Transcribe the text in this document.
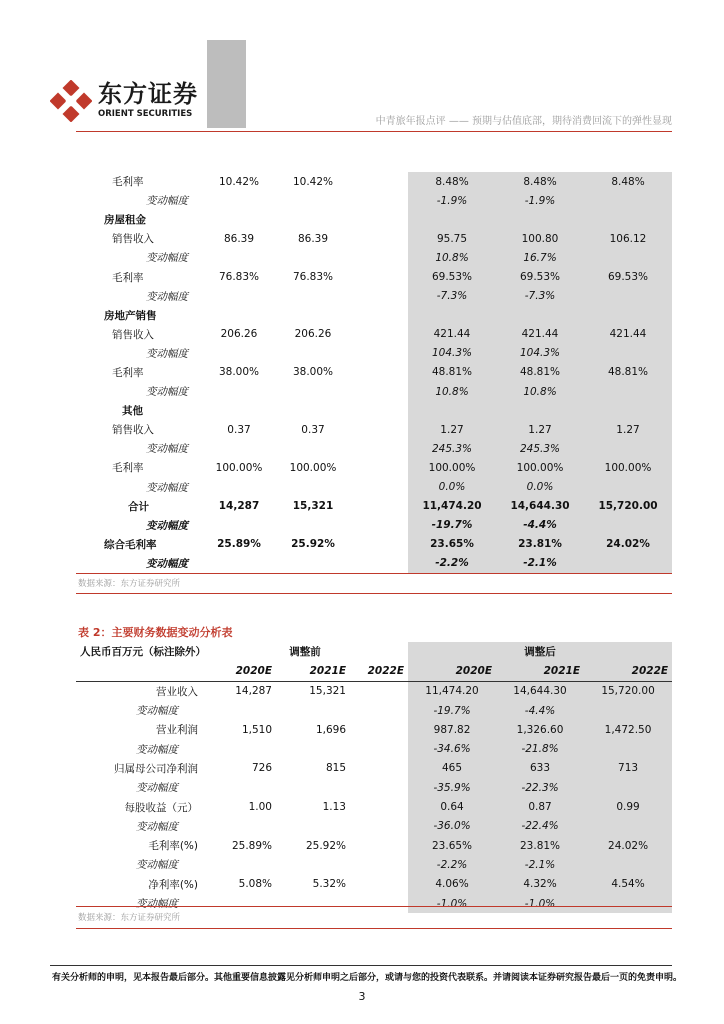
东方证券
ORIENT SECURITIES
中青旅年报点评 —— 预期与估值底部，期待消费回流下的弹性显现
毛利率	10.42%	10.42%		8.48%	8.48%	8.48%
变动幅度				-1.9%	-1.9%	
房屋租金						
销售收入	86.39	86.39		95.75	100.80	106.12
变动幅度				10.8%	16.7%	
毛利率	76.83%	76.83%		69.53%	69.53%	69.53%
变动幅度				-7.3%	-7.3%	
房地产销售						
销售收入	206.26	206.26		421.44	421.44	421.44
变动幅度				104.3%	104.3%	
毛利率	38.00%	38.00%		48.81%	48.81%	48.81%
变动幅度				10.8%	10.8%	
其他						
销售收入	0.37	0.37		1.27	1.27	1.27
变动幅度				245.3%	245.3%	
毛利率	100.00%	100.00%		100.00%	100.00%	100.00%
变动幅度				0.0%	0.0%	
合计	14,287	15,321		11,474.20	14,644.30	15,720.00
变动幅度				-19.7%	-4.4%	
综合毛利率	25.89%	25.92%		23.65%	23.81%	24.02%
变动幅度				-2.2%	-2.1%	
数据来源：东方证券研究所
表 2：主要财务数据变动分析表
人民币百万元（标注除外）	调整前			调整后		
	2020E	2021E	2022E	2020E	2021E	2022E
营业收入	14,287	15,321		11,474.20	14,644.30	15,720.00
变动幅度				-19.7%	-4.4%	
营业利润	1,510	1,696		987.82	1,326.60	1,472.50
变动幅度				-34.6%	-21.8%	
归属母公司净利润	726	815		465	633	713
变动幅度				-35.9%	-22.3%	
每股收益（元）	1.00	1.13		0.64	0.87	0.99
变动幅度				-36.0%	-22.4%	
毛利率(%)	25.89%	25.92%		23.65%	23.81%	24.02%
变动幅度				-2.2%	-2.1%	
净利率(%)	5.08%	5.32%		4.06%	4.32%	4.54%
变动幅度				-1.0%	-1.0%	
数据来源：东方证券研究所
有关分析师的申明，见本报告最后部分。其他重要信息披露见分析师申明之后部分，或请与您的投资代表联系。并请阅读本证券研究报告最后一页的免责申明。
3
